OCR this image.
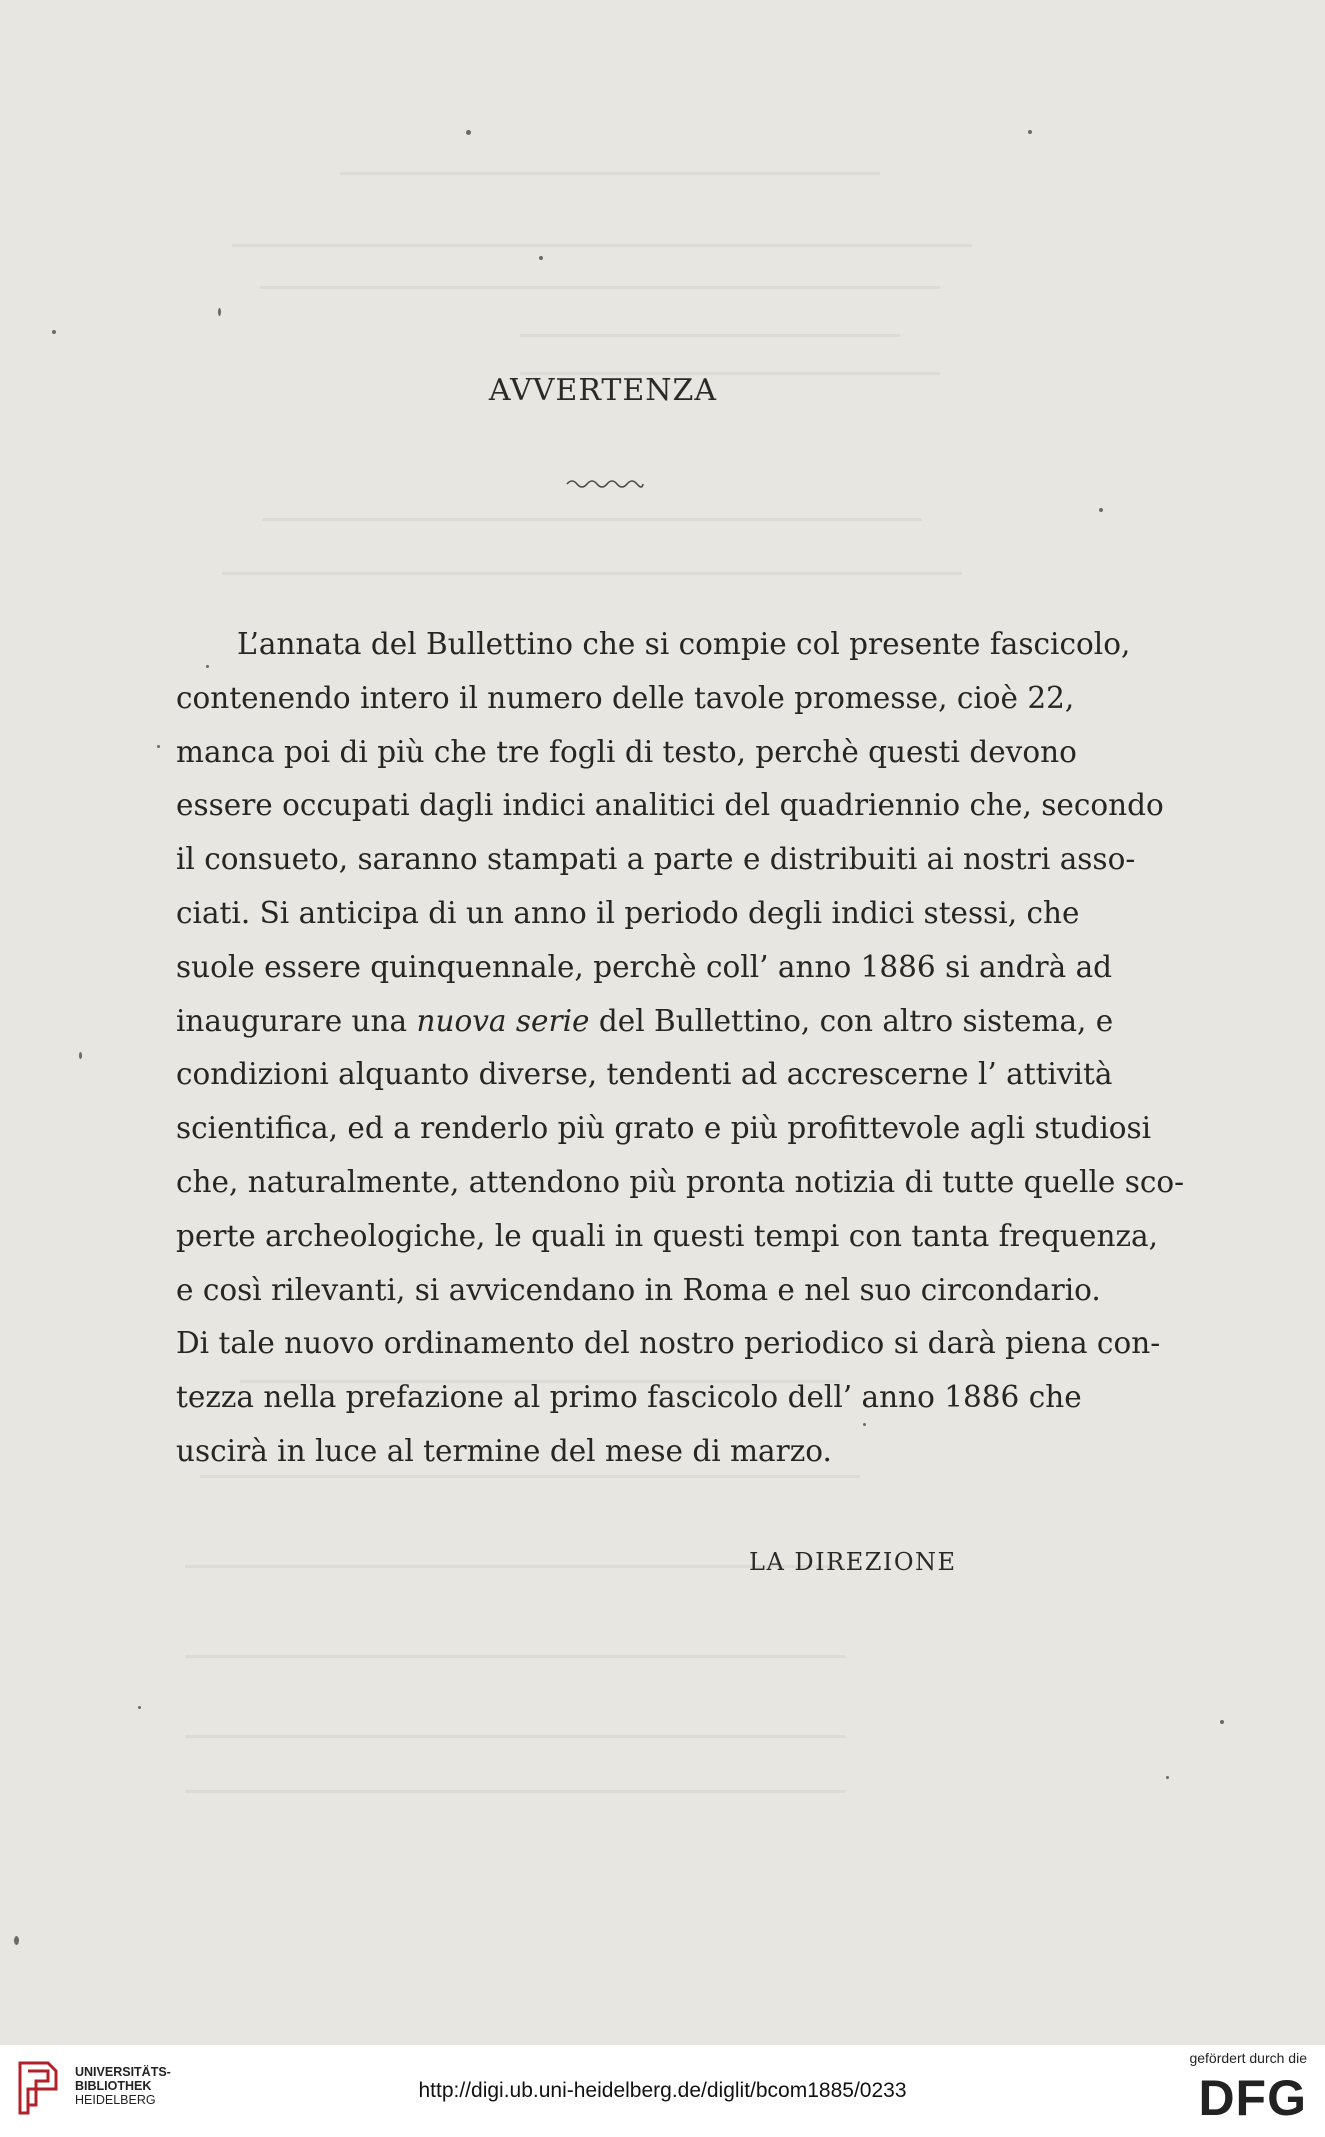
AVVERTENZA
L’annata del Bullettino che si compie col presente fascicolo,
contenendo intero il numero delle tavole promesse, cioè 22,
manca poi di più che tre fogli di testo, perchè questi devono
essere occupati dagli indici analitici del quadriennio che, secondo
il consueto, saranno stampati a parte e distribuiti ai nostri asso-
ciati. Si anticipa di un anno il periodo degli indici stessi, che
suole essere quinquennale, perchè coll’ anno 1886 si andrà ad
inaugurare una nuova serie del Bullettino, con altro sistema, e
condizioni alquanto diverse, tendenti ad accrescerne l’ attività
scientifica, ed a renderlo più grato e più profittevole agli studiosi
che, naturalmente, attendono più pronta notizia di tutte quelle sco-
perte archeologiche, le quali in questi tempi con tanta frequenza,
e così rilevanti, si avvicendano in Roma e nel suo circondario.
Di tale nuovo ordinamento del nostro periodico si darà piena con-
tezza nella prefazione al primo fascicolo dell’ anno 1886 che
uscirà in luce al termine del mese di marzo.
LA DIREZIONE
UNIVERSITÄTS-
BIBLIOTHEK
HEIDELBERG	http://digi.ub.uni-heidelberg.de/diglit/bcom1885/0233
gefördert durch die
DFG
